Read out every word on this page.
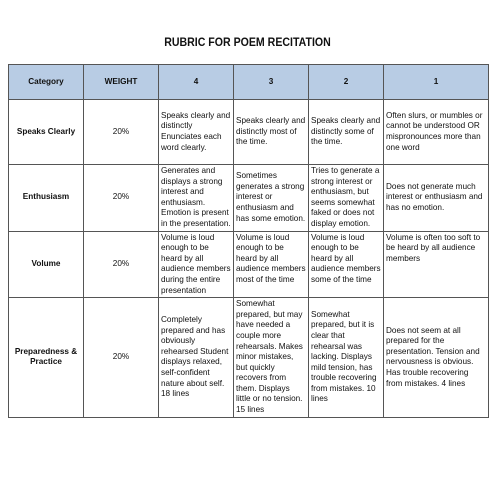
RUBRIC FOR POEM RECITATION
Category	WEIGHT	4	3	2	1
Speaks Clearly	20%	Speaks clearly and distinctly Enunciates each word clearly.	Speaks clearly and distinctly most of the time.	Speaks clearly and distinctly some of the time.	Often slurs, or mumbles or cannot be understood OR mispronounces more than one word
Enthusiasm	20%	Generates and displays a strong interest and enthusiasm. Emotion is present in the presentation.	Sometimes generates a strong interest or enthusiasm and has some emotion.	Tries to generate a strong interest or enthusiasm, but seems somewhat faked or does not display emotion.	Does not generate much interest or enthusiasm and has no emotion.
Volume	20%	Volume is loud enough to be heard by all audience members during the entire presentation	Volume is loud enough to be heard by all audience members most of the time	Volume is loud enough to be heard by all audience members some of the time	Volume is often too soft to be heard by all audience members
Preparedness & Practice	20%	Completely prepared and has obviously rehearsed Student displays relaxed, self-confident nature about self. 18 lines	Somewhat prepared, but may have needed a couple more rehearsals. Makes minor mistakes, but quickly recovers from them. Displays little or no tension. 15 lines	Somewhat prepared, but it is clear that rehearsal was lacking. Displays mild tension, has trouble recovering from mistakes. 10 lines	Does not seem at all prepared for the presentation. Tension and nervousness is obvious. Has trouble recovering from mistakes. 4 lines
